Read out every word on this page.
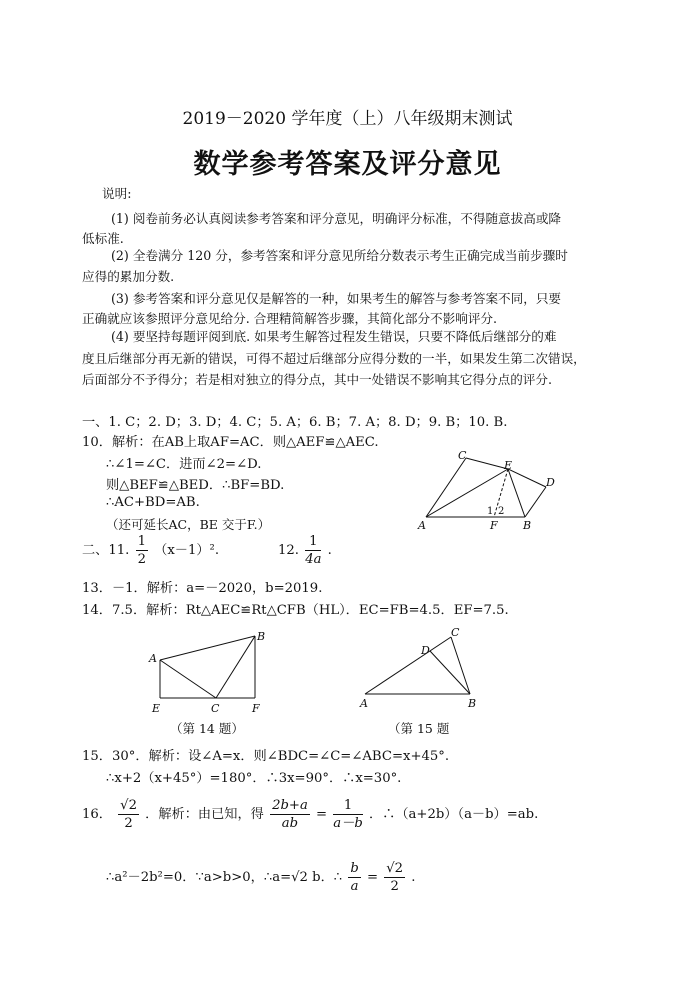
2019－2020 学年度（上）八年级期末测试
数学参考答案及评分意见
说明:
(1) 阅卷前务必认真阅读参考答案和评分意见，明确评分标准，不得随意拔高或降
低标准.
(2) 全卷满分 120 分，参考答案和评分意见所给分数表示考生正确完成当前步骤时
应得的累加分数.
(3) 参考答案和评分意见仅是解答的一种，如果考生的解答与参考答案不同，只要
正确就应该参照评分意见给分. 合理精简解答步骤，其简化部分不影响评分.
(4) 要坚持每题评阅到底. 如果考生解答过程发生错误，只要不降低后继部分的难
度且后继部分再无新的错误，可得不超过后继部分应得分数的一半，如果发生第二次错误，
后面部分不予得分；若是相对独立的得分点，其中一处错误不影响其它得分点的评分.
一、1. C；2. D；3. D；4. C；5. A；6. B；7. A；8. D；9. B；10. B.
10．解析：在AB上取AF=AC．则△AEF≌△AEC.
∴∠1=∠C．进而∠2=∠D.
则△BEF≌△BED．∴BF=BD.
∴AC+BD=AB.
（还可延长AC，BE 交于F.）
C
E
D
A	F B
1 2
二、11. $\frac{1}{2} (x-1)^2$.	12. $\frac{1}{4a}$ .
13．－1．解析：a=－2020，b=2019.
14．7.5．解析：Rt△AEC≌Rt△CFB（HL）．EC=FB=4.5．EF=7.5.
A
B
E	C	F
（第 14 题）
C
D
A	B
（第 15 题
15．30°．解析：设∠A=x．则∠BDC=∠C=∠ABC=x+45°.
∴x+2（x+45°）=180°．∴3x=90°．∴x=30°.
16． $\frac{√2}{2}$ ．解析：由已知，得 $\frac{2b+a}{ab} = \frac{1}{a-b}$ ．∴（a+2b）（a－b）=ab.
∴a²－2b²=0．∵a>b>0，∴a=√2 b．∴ $\frac{b}{a} = \frac{√2}{2}$ .
